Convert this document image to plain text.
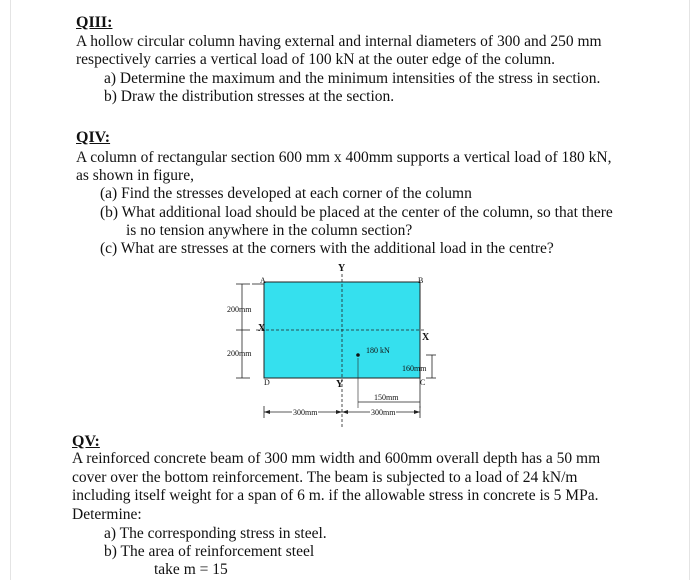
QIII:
A hollow circular column having external and internal diameters of 300 and 250 mm
respectively carries a vertical load of 100 kN at the outer edge of the column.
a) Determine the maximum and the minimum intensities of the stress in section.
b) Draw the distribution stresses at the section.
QIV:
A column of rectangular section 600 mm x 400mm supports a vertical load of 180 kN,
as shown in figure,
(a) Find the stresses developed at each corner of the column
(b) What additional load should be placed at the center of the column, so that there
is no tension anywhere in the column section?
(c) What are stresses at the corners with the additional load in the centre?
Y
A	B
X
X
200mm
200mm	180 kN
160mm
D	C
Y
150mm
300mm	300mm
QV:
A reinforced concrete beam of 300 mm width and 600mm overall depth has a 50 mm
cover over the bottom reinforcement. The beam is subjected to a load of 24 kN/m
including itself weight for a span of 6 m. if the allowable stress in concrete is 5 MPa.
Determine:
a) The corresponding stress in steel.
b) The area of reinforcement steel
take m = 15
